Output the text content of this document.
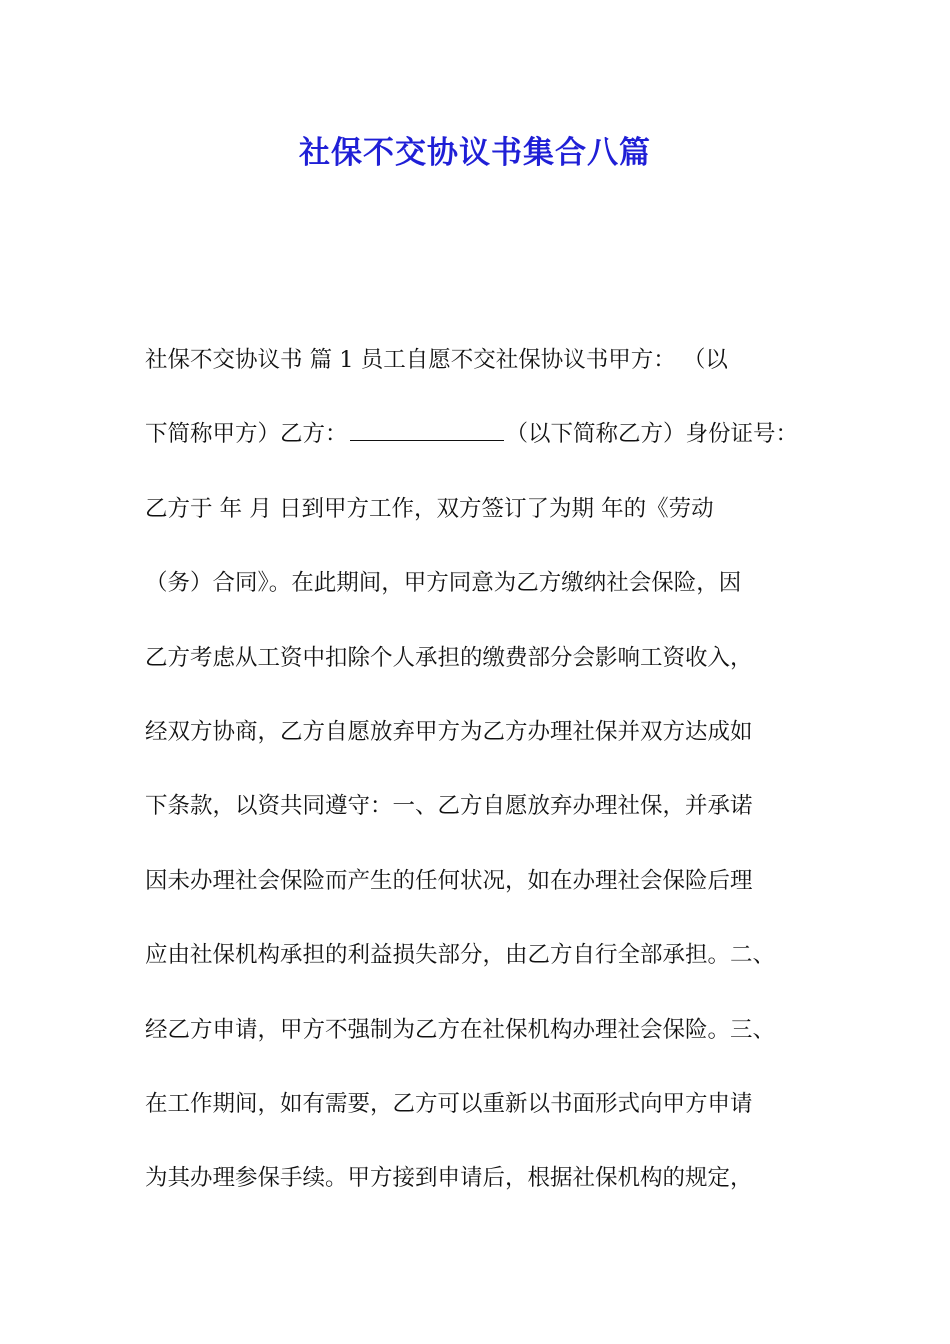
社保不交协议书集合八篇
社保不交协议书 篇 1 员工自愿不交社保协议书甲方： （以
下简称甲方）乙方：	（以下简称乙方）身份证号：
乙方于 年 月 日到甲方工作，双方签订了为期 年的《劳动
（务）合同》。在此期间，甲方同意为乙方缴纳社会保险，因
乙方考虑从工资中扣除个人承担的缴费部分会影响工资收入，
经双方协商，乙方自愿放弃甲方为乙方办理社保并双方达成如
下条款，以资共同遵守：一、乙方自愿放弃办理社保，并承诺
因未办理社会保险而产生的任何状况，如在办理社会保险后理
应由社保机构承担的利益损失部分，由乙方自行全部承担。二、
经乙方申请，甲方不强制为乙方在社保机构办理社会保险。三、
在工作期间，如有需要，乙方可以重新以书面形式向甲方申请
为其办理参保手续。甲方接到申请后，根据社保机构的规定，
